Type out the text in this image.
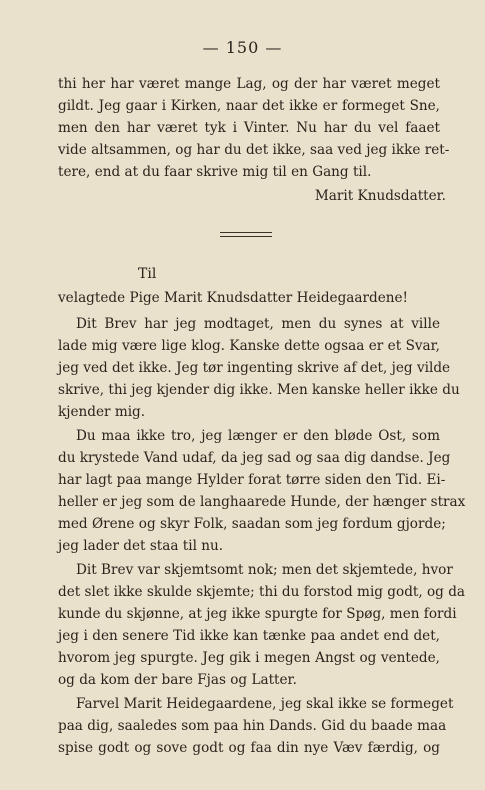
— 150 —
thi her har været mange Lag, og der har været meget
gildt. Jeg gaar i Kirken, naar det ikke er formeget Sne,
men den har været tyk i Vinter. Nu har du vel faaet
vide altsammen, og har du det ikke, saa ved jeg ikke ret-
tere, end at du faar skrive mig til en Gang til.
Marit Knudsdatter.
Til
velagtede Pige Marit Knudsdatter Heidegaardene!
Dit Brev har jeg modtaget, men du synes at ville
lade mig være lige klog. Kanske dette ogsaa er et Svar,
jeg ved det ikke. Jeg tør ingenting skrive af det, jeg vilde
skrive, thi jeg kjender dig ikke. Men kanske heller ikke du
kjender mig.
Du maa ikke tro, jeg længer er den bløde Ost, som
du krystede Vand udaf, da jeg sad og saa dig dandse. Jeg
har lagt paa mange Hylder forat tørre siden den Tid. Ei-
heller er jeg som de langhaarede Hunde, der hænger strax
med Ørene og skyr Folk, saadan som jeg fordum gjorde;
jeg lader det staa til nu.
Dit Brev var skjemtsomt nok; men det skjemtede, hvor
det slet ikke skulde skjemte; thi du forstod mig godt, og da
kunde du skjønne, at jeg ikke spurgte for Spøg, men fordi
jeg i den senere Tid ikke kan tænke paa andet end det,
hvorom jeg spurgte. Jeg gik i megen Angst og ventede,
og da kom der bare Fjas og Latter.
Farvel Marit Heidegaardene, jeg skal ikke se formeget
paa dig, saaledes som paa hin Dands. Gid du baade maa
spise godt og sove godt og faa din nye Væv færdig, og
